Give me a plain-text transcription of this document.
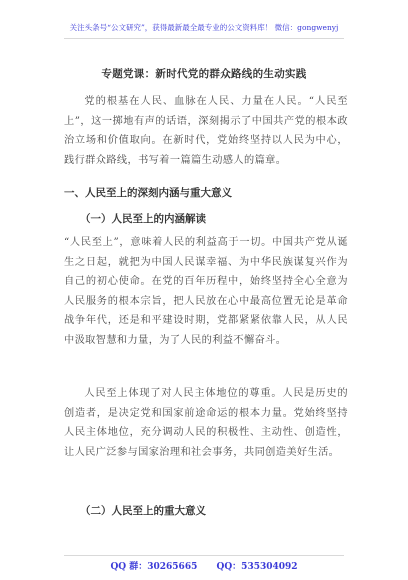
关注头条号“公文研究”，获得最新最全最专业的公文资料库！ 微信：gongwenyj
专题党课：新时代党的群众路线的生动实践
党的根基在人民、血脉在人民、力量在人民。“人民至上”，这一掷地有声的话语，深刻揭示了中国共产党的根本政治立场和价值取向。在新时代，党始终坚持以人民为中心，践行群众路线，书写着一篇篇生动感人的篇章。
一、人民至上的深刻内涵与重大意义
（一）人民至上的内涵解读
“人民至上”，意味着人民的利益高于一切。中国共产党从诞生之日起，就把为中国人民谋幸福、为中华民族谋复兴作为自己的初心使命。在党的百年历程中，始终坚持全心全意为人民服务的根本宗旨，把人民放在心中最高位置无论是革命战争年代，还是和平建设时期，党都紧紧依靠人民，从人民中汲取智慧和力量，为了人民的利益不懈奋斗。
人民至上体现了对人民主体地位的尊重。人民是历史的创造者，是决定党和国家前途命运的根本力量。党始终坚持人民主体地位，充分调动人民的积极性、主动性、创造性，让人民广泛参与国家治理和社会事务，共同创造美好生活。
（二）人民至上的重大意义
QQ 群：30265665 QQ：535304092
